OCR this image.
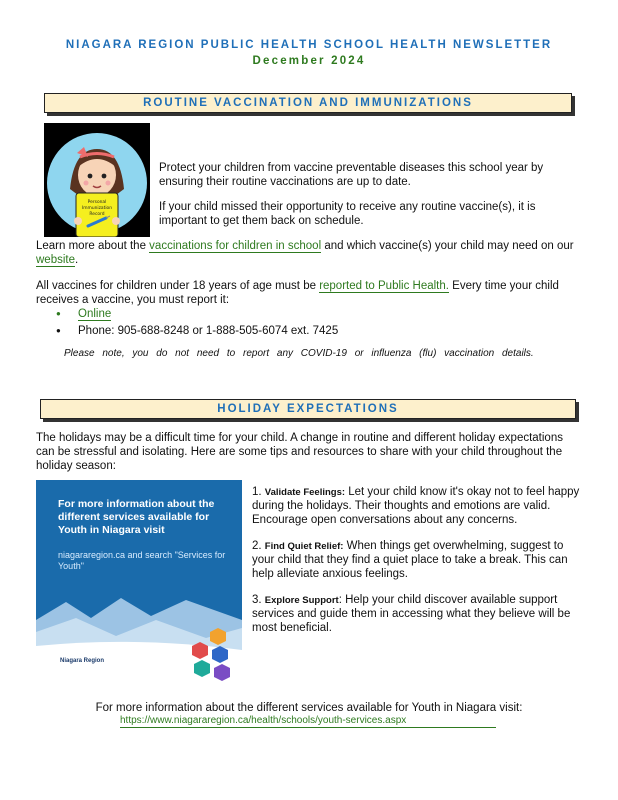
NIAGARA REGION PUBLIC HEALTH SCHOOL HEALTH NEWSLETTER
December 2024
ROUTINE VACCINATION AND IMMUNIZATIONS
Personal
Immunization
Record

Protect your children from vaccine preventable diseases this school year by ensuring their routine vaccinations are up to date.

If your child missed their opportunity to receive any routine vaccine(s), it is important to get them back on schedule.

Learn more about the vaccinations for children in school and which vaccine(s) your child may need on our website.

All vaccines for children under 18 years of age must be reported to Public Health. Every time your child receives a vaccine, you must report it:

● Online
● Phone: 905-688-8248 or 1-888-505-6074 ext. 7425

Please note, you do not need to report any COVID-19 or influenza (flu) vaccination details.

HOLIDAY EXPECTATIONS

The holidays may be a difficult time for your child. A change in routine and different holiday expectations can be stressful and isolating. Here are some tips and resources to share with your child throughout the holiday season:

For more information about the different services available for Youth in Niagara visit
niagararegion.ca and search "Services for Youth"
Niagara Region

1. Validate Feelings: Let your child know it's okay not to feel happy during the holidays. Their thoughts and emotions are valid. Encourage open conversations about any concerns.

2. Find Quiet Relief: When things get overwhelming, suggest to your child that they find a quiet place to take a break. This can help alleviate anxious feelings.

3. Explore Support: Help your child discover available support services and guide them in accessing what they believe will be most beneficial.

For more information about the different services available for Youth in Niagara visit:

https://www.niagararegion.ca/health/schools/youth-services.aspx
